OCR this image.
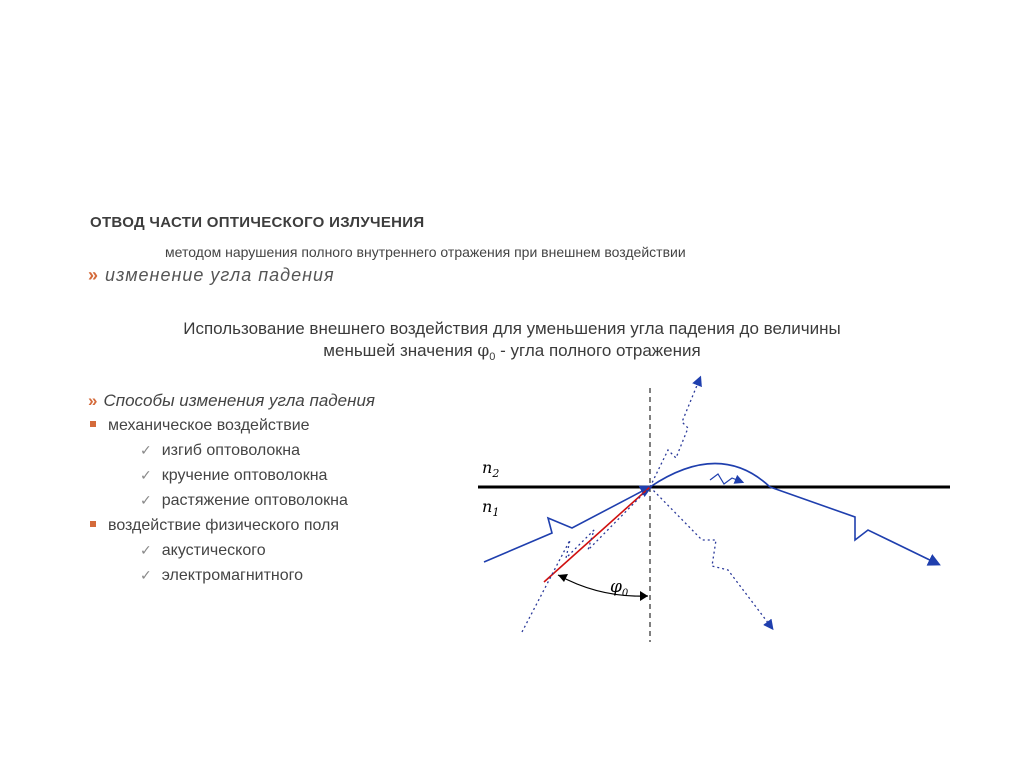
ОТВОД ЧАСТИ ОПТИЧЕСКОГО ИЗЛУЧЕНИЯ
методом нарушения полного внутреннего отражения при внешнем воздействии
» изменение угла падения
Использование внешнего воздействия для уменьшения угла падения до величины
меньшей значения $\varphi_0$ - угла полного отражения
» Способы изменения угла падения
механическое воздействие
✓ изгиб оптоволокна
✓ кручение оптоволокна
✓ растяжение оптоволокна
воздействие физического поля
✓ акустического
✓ электромагнитного
$n_2$
$n_1$
$\varphi_0$
